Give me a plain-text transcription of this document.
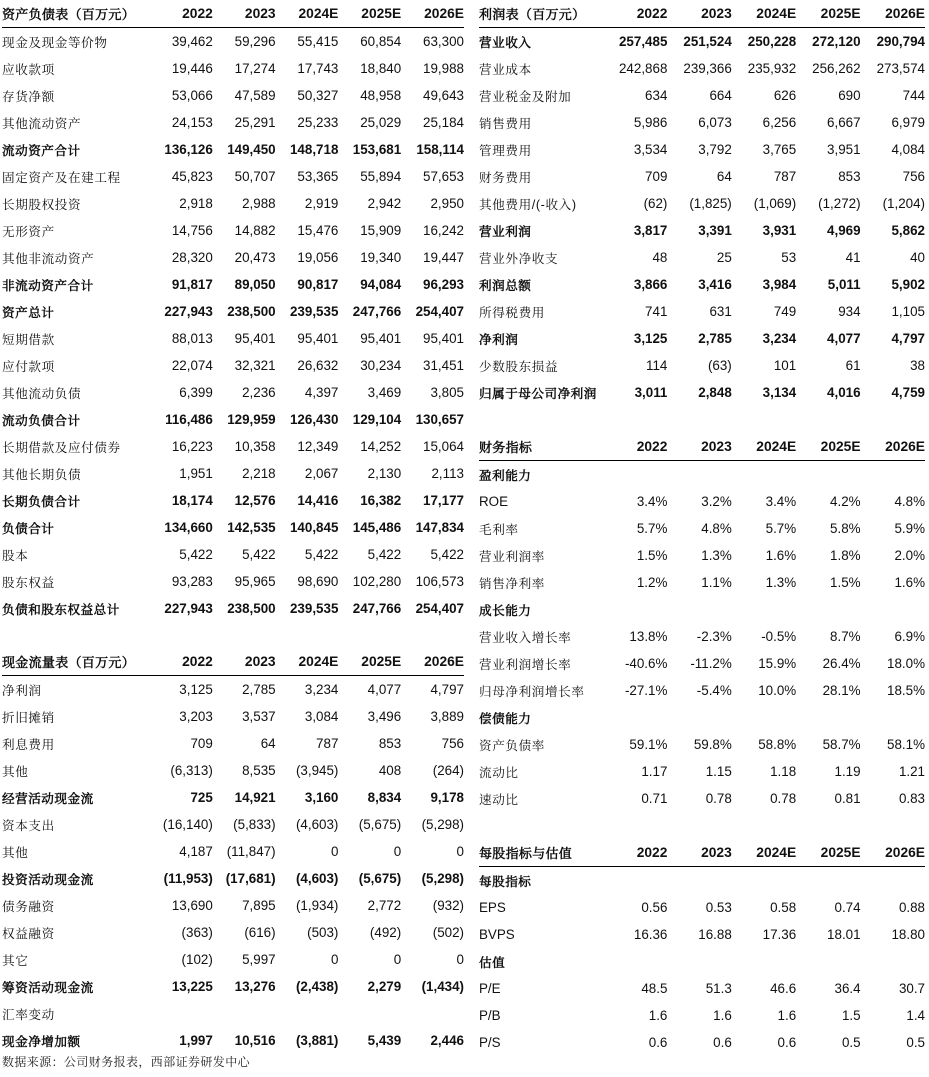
资产负债表（百万元）	2022	2023	2024E	2025E	2026E
现金及现金等价物	39,462	59,296	55,415	60,854	63,300
应收款项	19,446	17,274	17,743	18,840	19,988
存货净额	53,066	47,589	50,327	48,958	49,643
其他流动资产	24,153	25,291	25,233	25,029	25,184
流动资产合计	136,126	149,450	148,718	153,681	158,114
固定资产及在建工程	45,823	50,707	53,365	55,894	57,653
长期股权投资	2,918	2,988	2,919	2,942	2,950
无形资产	14,756	14,882	15,476	15,909	16,242
其他非流动资产	28,320	20,473	19,056	19,340	19,447
非流动资产合计	91,817	89,050	90,817	94,084	96,293
资产总计	227,943	238,500	239,535	247,766	254,407
短期借款	88,013	95,401	95,401	95,401	95,401
应付款项	22,074	32,321	26,632	30,234	31,451
其他流动负债	6,399	2,236	4,397	3,469	3,805
流动负债合计	116,486	129,959	126,430	129,104	130,657
长期借款及应付债券	16,223	10,358	12,349	14,252	15,064
其他长期负债	1,951	2,218	2,067	2,130	2,113
长期负债合计	18,174	12,576	14,416	16,382	17,177
负债合计	134,660	142,535	140,845	145,486	147,834
股本	5,422	5,422	5,422	5,422	5,422
股东权益	93,283	95,965	98,690	102,280	106,573
负债和股东权益总计	227,943	238,500	239,535	247,766	254,407
现金流量表（百万元）	2022	2023	2024E	2025E	2026E
净利润	3,125	2,785	3,234	4,077	4,797
折旧摊销	3,203	3,537	3,084	3,496	3,889
利息费用	709	64	787	853	756
其他	(6,313)	8,535	(3,945)	408	(264)
经营活动现金流	725	14,921	3,160	8,834	9,178
资本支出	(16,140)	(5,833)	(4,603)	(5,675)	(5,298)
其他	4,187	(11,847)	0	0	0
投资活动现金流	(11,953)	(17,681)	(4,603)	(5,675)	(5,298)
债务融资	13,690	7,895	(1,934)	2,772	(932)
权益融资	(363)	(616)	(503)	(492)	(502)
其它	(102)	5,997	0	0	0
筹资活动现金流	13,225	13,276	(2,438)	2,279	(1,434)
汇率变动					
现金净增加额	1,997	10,516	(3,881)	5,439	2,446
利润表（百万元）	2022	2023	2024E	2025E	2026E
营业收入	257,485	251,524	250,228	272,120	290,794
营业成本	242,868	239,366	235,932	256,262	273,574
营业税金及附加	634	664	626	690	744
销售费用	5,986	6,073	6,256	6,667	6,979
管理费用	3,534	3,792	3,765	3,951	4,084
财务费用	709	64	787	853	756
其他费用/(-收入)	(62)	(1,825)	(1,069)	(1,272)	(1,204)
营业利润	3,817	3,391	3,931	4,969	5,862
营业外净收支	48	25	53	41	40
利润总额	3,866	3,416	3,984	5,011	5,902
所得税费用	741	631	749	934	1,105
净利润	3,125	2,785	3,234	4,077	4,797
少数股东损益	114	(63)	101	61	38
归属于母公司净利润	3,011	2,848	3,134	4,016	4,759
财务指标	2022	2023	2024E	2025E	2026E
盈利能力					
ROE	3.4%	3.2%	3.4%	4.2%	4.8%
毛利率	5.7%	4.8%	5.7%	5.8%	5.9%
营业利润率	1.5%	1.3%	1.6%	1.8%	2.0%
销售净利率	1.2%	1.1%	1.3%	1.5%	1.6%
成长能力					
营业收入增长率	13.8%	-2.3%	-0.5%	8.7%	6.9%
营业利润增长率	-40.6%	-11.2%	15.9%	26.4%	18.0%
归母净利润增长率	-27.1%	-5.4%	10.0%	28.1%	18.5%
偿债能力					
资产负债率	59.1%	59.8%	58.8%	58.7%	58.1%
流动比	1.17	1.15	1.18	1.19	1.21
速动比	0.71	0.78	0.78	0.81	0.83
每股指标与估值	2022	2023	2024E	2025E	2026E
每股指标					
EPS	0.56	0.53	0.58	0.74	0.88
BVPS	16.36	16.88	17.36	18.01	18.80
估值					
P/E	48.5	51.3	46.6	36.4	30.7
P/B	1.6	1.6	1.6	1.5	1.4
P/S	0.6	0.6	0.6	0.5	0.5
数据来源：公司财务报表，西部证券研发中心
